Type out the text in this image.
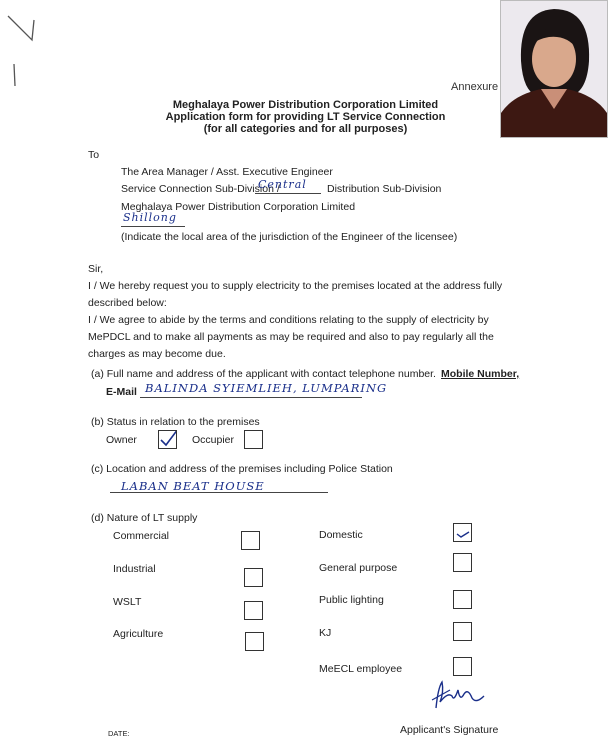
Annexure
Meghalaya Power Distribution Corporation Limited
Application form for providing LT Service Connection
(for all categories and for all purposes)
To
The Area Manager / Asst. Executive Engineer
Service Connection Sub-Division /
Central Distribution Sub-Division
Meghalaya Power Distribution Corporation Limited
Shillong
(Indicate the local area of the jurisdiction of the Engineer of the licensee)
Sir,
I / We hereby request you to supply electricity to the premises located at the address fully
described below:
I / We agree to abide by the terms and conditions relating to the supply of electricity by
MePDCL and to make all payments as may be required and also to pay regularly all the
charges as may become due.
(a) Full name and address of the applicant with contact telephone number. Mobile Number,
E-Mail BALINDA SYIEMLIEH, LUMPARING
(b) Status in relation to the premises
Owner	Occupier
(c) Location and address of the premises including Police Station
LABAN BEAT HOUSE
(d) Nature of LT supply
Commercial
Industrial
WSLT
Agriculture
Domestic
General purpose
Public lighting
KJ
MeECL employee
DATE:	Applicant's Signature
